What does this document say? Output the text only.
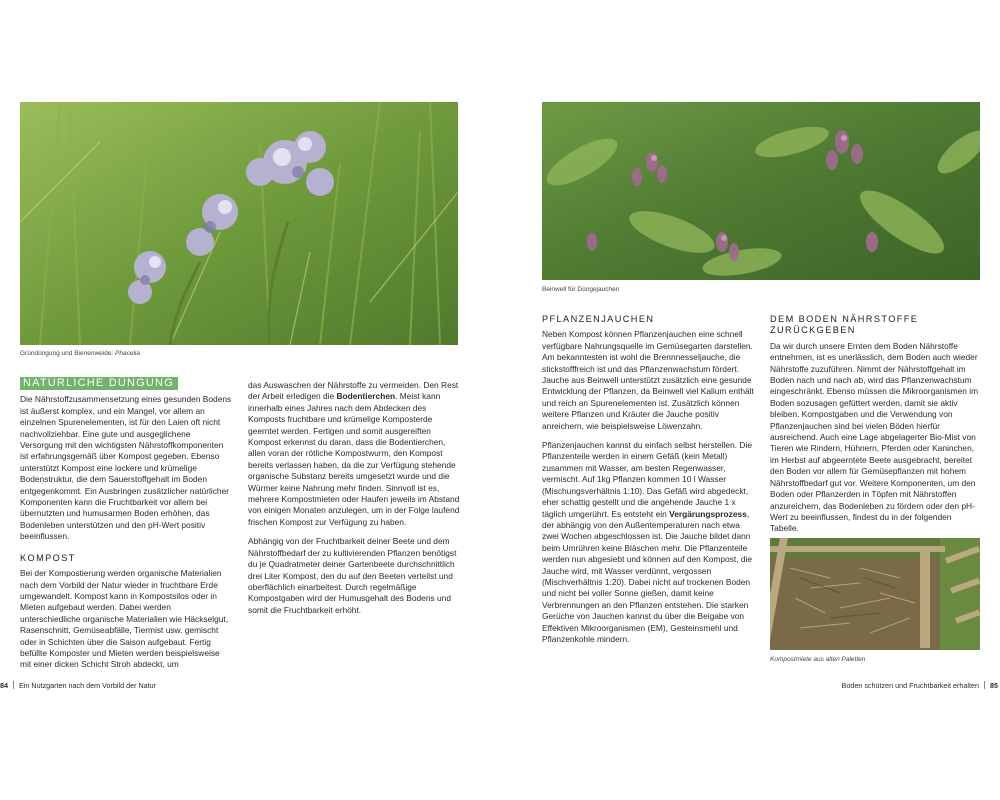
Gründüngung und Bienenweide: Phacelia
Beinwell für Düngejauchen
NATÜRLICHE DÜNGUNG

Die Nährstoffzusammensetzung eines gesunden Bodens ist äußerst komplex, und ein Mangel, vor allem an einzelnen Spurenelementen, ist für den Laien oft nicht nachvollziehbar. Eine gute und ausgeglichene Versorgung mit den wichtigsten Nährstoffkomponenten ist erfahrungsgemäß über Kompost gegeben. Ebenso unterstützt Kompost eine lockere und krümelige Bodenstruktur, die dem Sauerstoffgehalt im Boden entgegenkommt. Ein Ausbringen zusätzlicher natürlicher Komponenten kann die Fruchtbarkeit vor allem bei übernutzten und humusarmen Boden erhöhen, das Bodenleben unterstützen und den pH-Wert positiv beeinflussen.

KOMPOST

Bei der Kompostierung werden organische Materialien nach dem Vorbild der Natur wieder in fruchtbare Erde umgewandelt. Kompost kann in Kompostsilos oder in Mieten aufgebaut werden. Dabei werden unterschiedliche organische Materialien wie Häckselgut, Rasenschnitt, Gemüseabfälle, Tiermist usw. gemischt oder in Schichten über die Saison aufgebaut. Fertig befüllte Komposter und Mieten werden beispielsweise mit einer dicken Schicht Stroh abdeckt, um

das Auswaschen der Nährstoffe zu vermeiden. Den Rest der Arbeit erledigen die Bodentierchen. Meist kann innerhalb eines Jahres nach dem Abdecken des Komposts fruchtbare und krümelige Komposterde geerntet werden. Fertigen und somit ausgereiften Kompost erkennst du daran, dass die Bodentierchen, allen voran der rötliche Kompostwurm, den Kompost bereits verlassen haben, da die zur Verfügung stehende organische Substanz bereits umgesetzt wurde und die Würmer keine Nahrung mehr finden. Sinnvoll ist es, mehrere Kompostmieten oder Haufen jeweils im Abstand von einigen Monaten anzulegen, um in der Folge laufend frischen Kompost zur Verfügung zu haben.

Abhängig von der Fruchtbarkeit deiner Beete und dem Nährstoffbedarf der zu kultivierenden Pflanzen benötigst du je Quadratmeter deiner Gartenbeete durchschnittlich drei Liter Kompost, den du auf den Beeten verteilst und oberflächlich einarbeitest. Durch regelmäßige Kompostgaben wird der Humusgehalt des Bodens und somit die Fruchtbarkeit erhöht.

PFLANZENJAUCHEN

Neben Kompost können Pflanzenjauchen eine schnell verfügbare Nahrungsquelle im Gemüsegarten darstellen. Am bekanntesten ist wohl die Brennnesseljauche, die stickstofffreich ist und das Pflanzenwachstum fördert. Jauche aus Beinwell unterstützt zusätzlich eine gesunde Entwicklung der Pflanzen, da Beinwell viel Kalium enthält und reich an Spurenelementen ist. Zusätzlich können weitere Pflanzen und Kräuter die Jauche positiv anreichern, wie beispielsweise Löwenzahn.

Pflanzenjauchen kannst du einfach selbst herstellen. Die Pflanzenteile werden in einem Gefäß (kein Metall) zusammen mit Wasser, am besten Regenwasser, vermischt. Auf 1kg Pflanzen kommen 10 l Wasser (Mischungsverhältnis 1:10). Das Gefäß wird abgedeckt, eher schattig gestellt und die angehende Jauche 1 x täglich umgerührt. Es entsteht ein Vergärungsprozess, der abhängig von den Außentemperaturen nach etwa zwei Wochen abgeschlossen ist. Die Jauche bildet dann beim Umrühren keine Bläschen mehr. Die Pflanzenteile werden nun abgesiebt und können auf den Kompost, die Jauche wird, mit Wasser verdünnt, vergossen (Mischverhältnis 1:20). Dabei nicht auf trockenen Boden und nicht bei voller Sonne gießen, damit keine Verbrennungen an den Pflanzen entstehen. Die starken Gerüche von Jauchen kannst du über die Beigabe von Effektiven Mikroorganismen (EM), Gesteinsmehl und Pflanzenkohle mindern.

DEM BODEN NÄHRSTOFFE ZURÜCKGEBEN

Da wir durch unsere Ernten dem Boden Nährstoffe entnehmen, ist es unerlässlich, dem Boden auch wieder Nährstoffe zuzuführen. Nimmt der Nährstoffgehalt im Boden nach und nach ab, wird das Pflanzenwachstum eingeschränkt. Ebenso müssen die Mikroorganismen im Boden sozusagen gefüttert werden, damit sie aktiv bleiben. Kompostgaben und die Verwendung von Pflanzenjauchen sind bei vielen Böden hierfür ausreichend. Auch eine Lage abgelagerter Bio-Mist von Tieren wie Rindern, Hühnern, Pferden oder Kaninchen, im Herbst auf abgeerntete Beete ausgebracht, bereitet den Boden vor allem für Gemüsepflanzen mit hohem Nährstoffbedarf gut vor. Weitere Komponenten, um den Boden oder Pflanzerden in Töpfen mit Nährstoffen anzureichern, das Bodenleben zu fördern oder den pH-Wert zu beeinflussen, findest du in der folgenden Tabelle.

Kompostmiete aus alten Paletten
84 Ein Nutzgarten nach dem Vorbild der Natur	Boden schützen und Fruchtbarkeit erhalten 85
